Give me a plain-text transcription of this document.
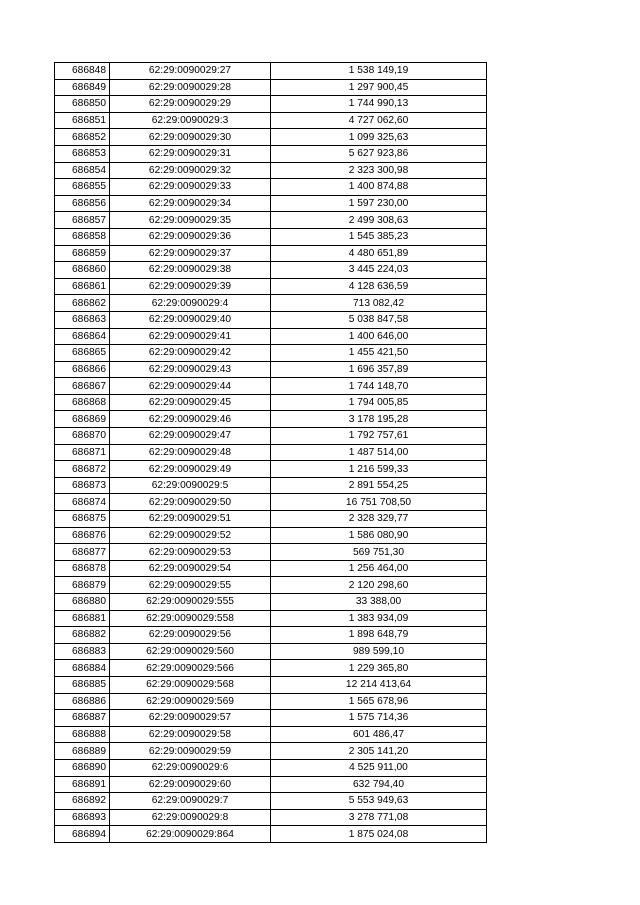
686848	62:29:0090029:27	1 538 149,19
686849	62:29:0090029:28	1 297 900,45
686850	62:29:0090029:29	1 744 990,13
686851	62:29:0090029:3	4 727 062,60
686852	62:29:0090029:30	1 099 325,63
686853	62:29:0090029:31	5 627 923,86
686854	62:29:0090029:32	2 323 300,98
686855	62:29:0090029:33	1 400 874,88
686856	62:29:0090029:34	1 597 230,00
686857	62:29:0090029:35	2 499 308,63
686858	62:29:0090029:36	1 545 385,23
686859	62:29:0090029:37	4 480 651,89
686860	62:29:0090029:38	3 445 224,03
686861	62:29:0090029:39	4 128 636,59
686862	62:29:0090029:4	713 082,42
686863	62:29:0090029:40	5 038 847,58
686864	62:29:0090029:41	1 400 646,00
686865	62:29:0090029:42	1 455 421,50
686866	62:29:0090029:43	1 696 357,89
686867	62:29:0090029:44	1 744 148,70
686868	62:29:0090029:45	1 794 005,85
686869	62:29:0090029:46	3 178 195,28
686870	62:29:0090029:47	1 792 757,61
686871	62:29:0090029:48	1 487 514,00
686872	62:29:0090029:49	1 216 599,33
686873	62:29:0090029:5	2 891 554,25
686874	62:29:0090029:50	16 751 708,50
686875	62:29:0090029:51	2 328 329,77
686876	62:29:0090029:52	1 586 080,90
686877	62:29:0090029:53	569 751,30
686878	62:29:0090029:54	1 256 464,00
686879	62:29:0090029:55	2 120 298,60
686880	62:29:0090029:555	33 388,00
686881	62:29:0090029:558	1 383 934,09
686882	62:29:0090029:56	1 898 648,79
686883	62:29:0090029:560	989 599,10
686884	62:29:0090029:566	1 229 365,80
686885	62:29:0090029:568	12 214 413,64
686886	62:29:0090029:569	1 565 678,96
686887	62:29:0090029:57	1 575 714,36
686888	62:29:0090029:58	601 486,47
686889	62:29:0090029:59	2 305 141,20
686890	62:29:0090029:6	4 525 911,00
686891	62:29:0090029:60	632 794,40
686892	62:29:0090029:7	5 553 949,63
686893	62:29:0090029:8	3 278 771,08
686894	62:29:0090029:864	1 875 024,08
